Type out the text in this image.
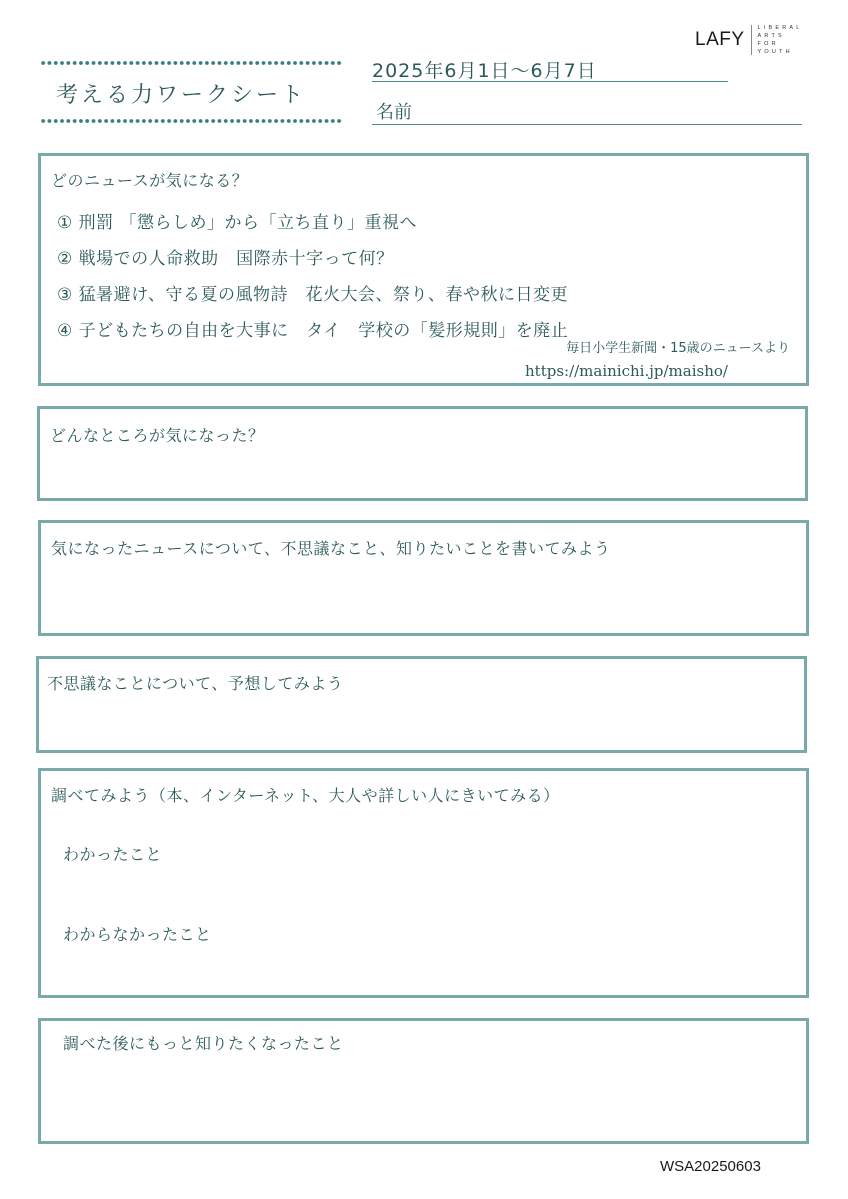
LAFY
LIBERAL
ARTS
FOR
YOUTH
考える力ワークシート
2025年6月1日～6月7日
名前
どのニュースが気になる？
① 刑罰 「懲らしめ」から「立ち直り」重視へ
② 戦場での人命救助　国際赤十字って何？
③ 猛暑避け、守る夏の風物詩　花火大会、祭り、春や秋に日変更
④ 子どもたちの自由を大事に　タイ　学校の「髪形規則」を廃止
毎日小学生新聞・15歳のニュースより
https://mainichi.jp/maisho/
どんなところが気になった？
気になったニュースについて、不思議なこと、知りたいことを書いてみよう
不思議なことについて、予想してみよう
調べてみよう（本、インターネット、大人や詳しい人にきいてみる）
わかったこと
わからなかったこと
調べた後にもっと知りたくなったこと
WSA20250603
